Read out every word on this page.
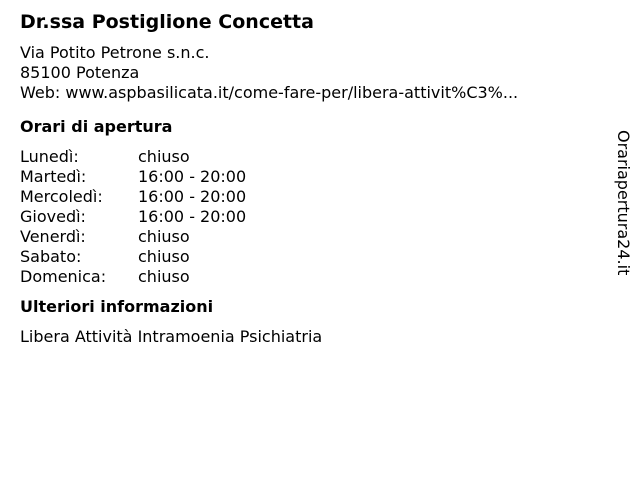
Dr.ssa Postiglione Concetta
Via Potito Petrone s.n.c.
85100 Potenza
Web: www.aspbasilicata.it/come-fare-per/libera-attivit%C3%...
Orari di apertura
Lunedì:	chiuso
Martedì:	16:00 - 20:00
Mercoledì:	16:00 - 20:00
Giovedì:	16:00 - 20:00
Venerdì:	chiuso
Sabato:	chiuso
Domenica:	chiuso
Ulteriori informazioni
Libera Attività Intramoenia Psichiatria
Orariapertura24.it
